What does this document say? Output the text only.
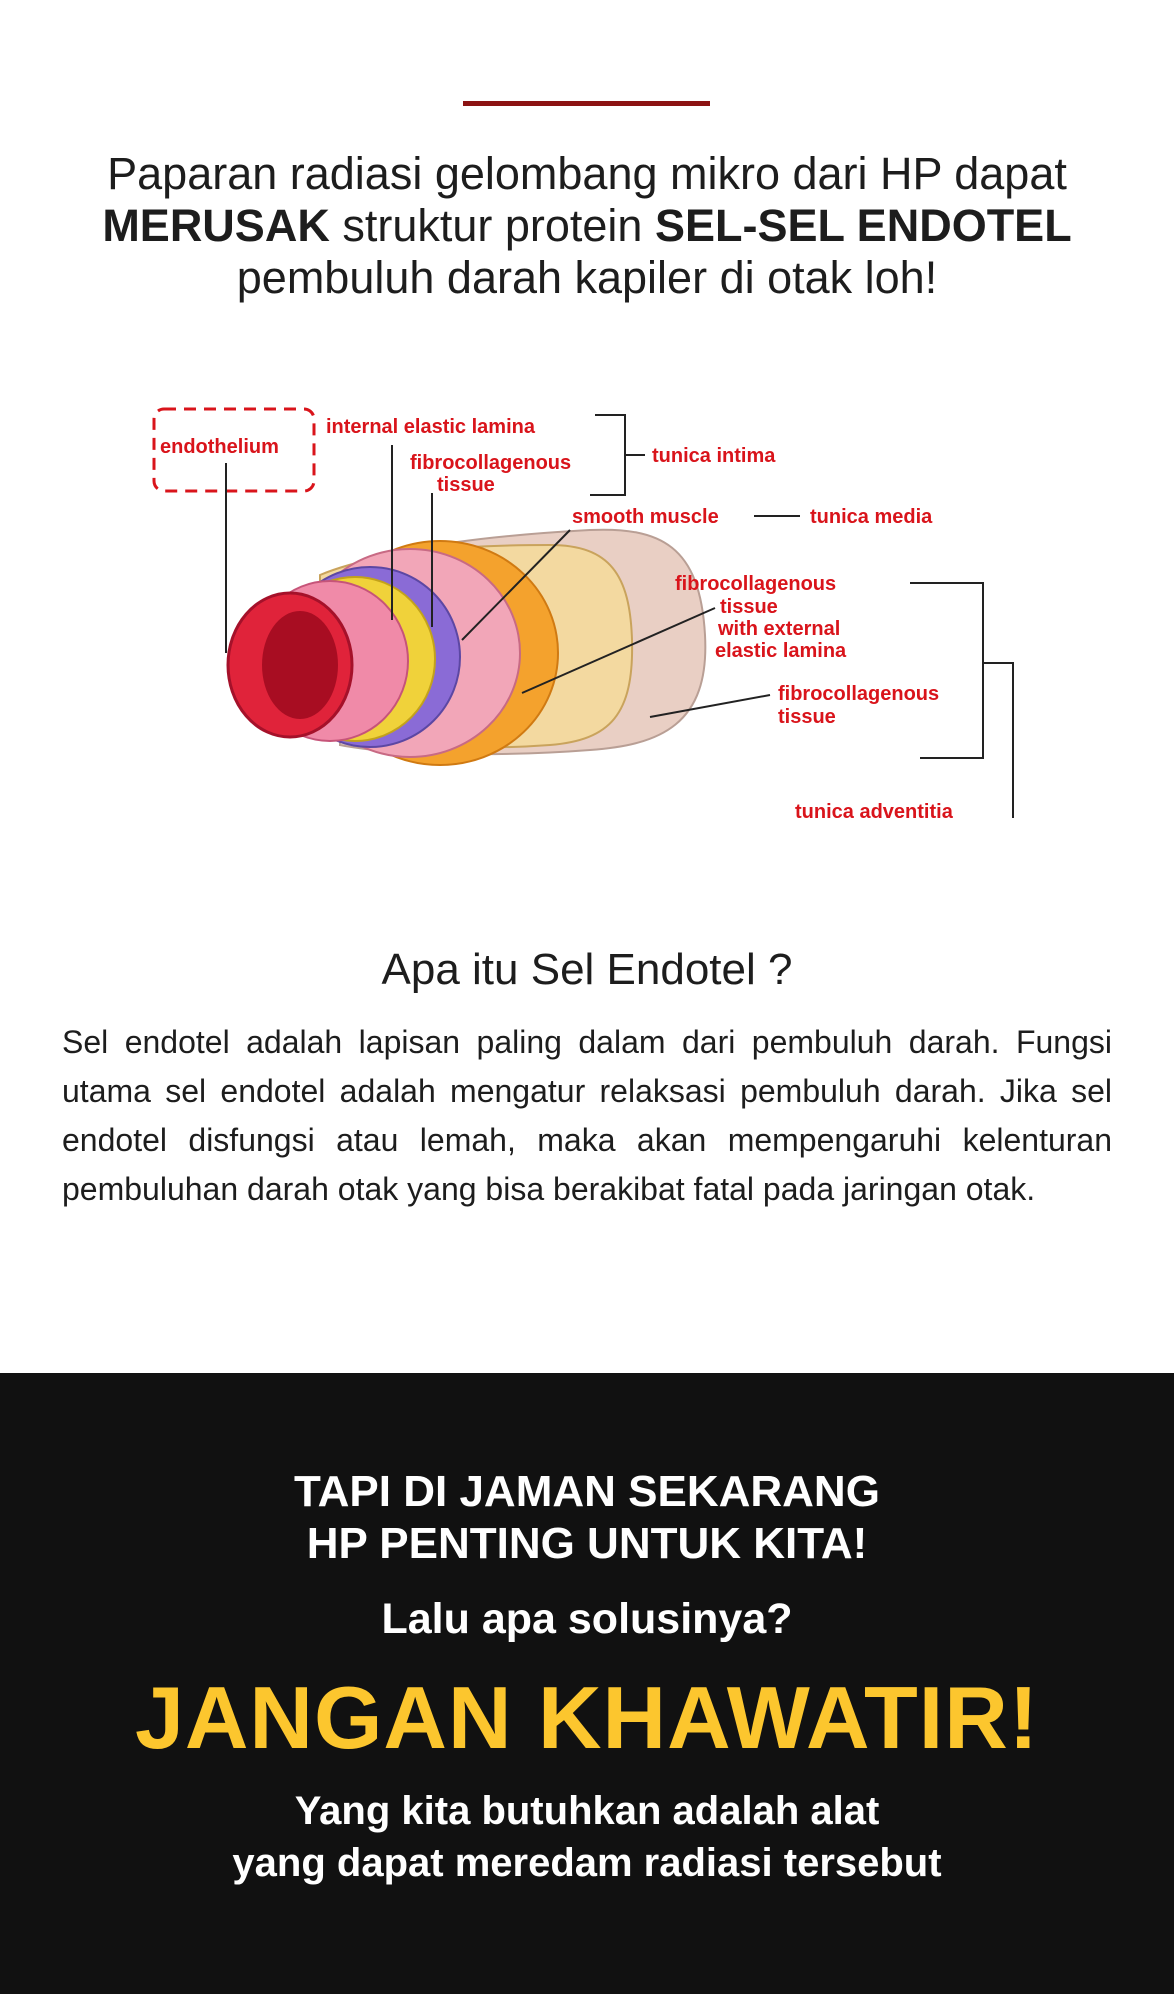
Paparan radiasi gelombang mikro dari HP dapat MERUSAK struktur protein SEL-SEL ENDOTEL pembuluh darah kapiler di otak loh!
endothelium
internal elastic lamina
fibrocollagenous
tissue
tunica intima
smooth muscle	tunica media
fibrocollagenous
tissue
with external
elastic lamina
fibrocollagenous
tissue
tunica adventitia
Apa itu Sel Endotel ?

Sel endotel adalah lapisan paling dalam dari pembuluh darah. Fungsi utama sel endotel adalah mengatur relaksasi pembuluh darah. Jika sel endotel disfungsi atau lemah, maka akan mempengaruhi kelenturan pembuluhan darah otak yang bisa berakibat fatal pada jaringan otak.

TAPI DI JAMAN SEKARANG
HP PENTING UNTUK KITA!
Lalu apa solusinya?
JANGAN KHAWATIR!
Yang kita butuhkan adalah alat
yang dapat meredam radiasi tersebut
